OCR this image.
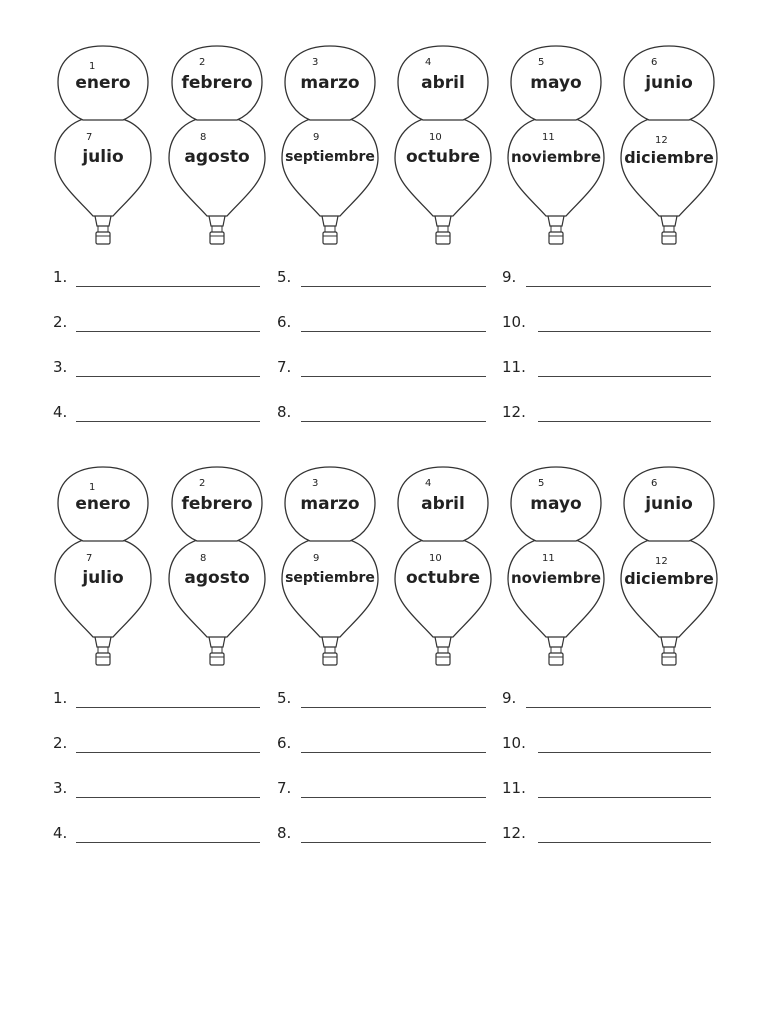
1
enero
7
julio
2
febrero
8
agosto
3
marzo
9
septiembre
4
abril
10
octubre
5
mayo
11
noviembre
6
junio
12
diciembre
1.
2.
3.
4.
5.
6.
7.
8.
9.
10.
11.
12.
1
enero
7
julio
2
febrero
8
agosto
3
marzo
9
septiembre
4
abril
10
octubre
5
mayo
11
noviembre
6
junio
12
diciembre
1.
2.
3.
4.
5.
6.
7.
8.
9.
10.
11.
12.
